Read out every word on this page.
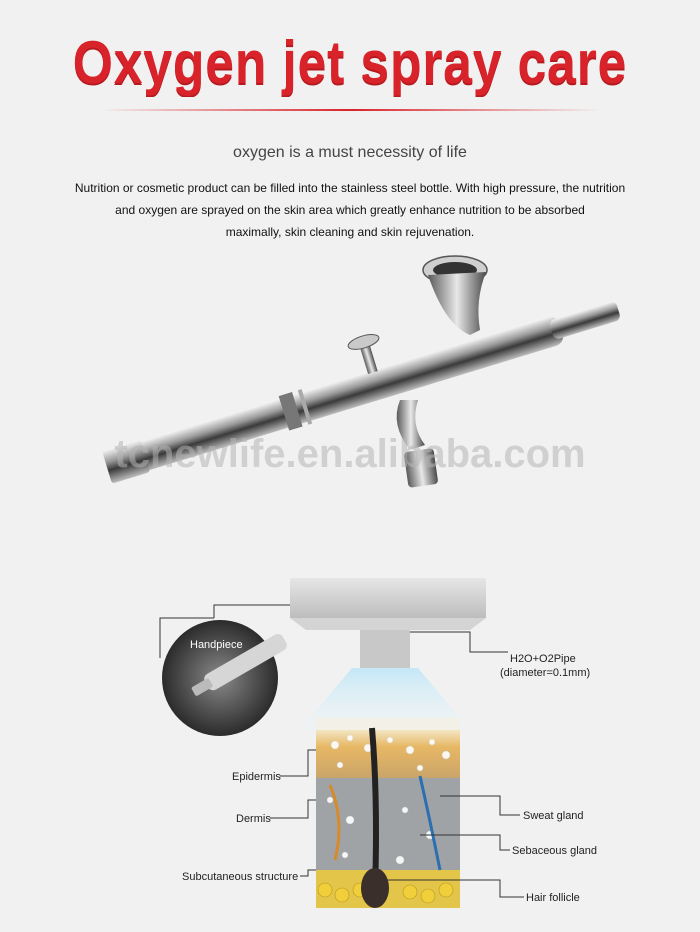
Oxygen jet spray care
oxygen is a must necessity of life
Nutrition or cosmetic product can be filled into the stainless steel bottle. With high pressure, the nutrition
and oxygen are sprayed on the skin area which greatly enhance nutrition to be absorbed
maximally, skin cleaning and skin rejuvenation.
tcnewlife.en.alibaba.com
Handpiece
H2O+O2Pipe
(diameter=0.1mm)
Epidermis
Dermis
Subcutaneous structure
Sweat gland
Sebaceous gland
Hair follicle
